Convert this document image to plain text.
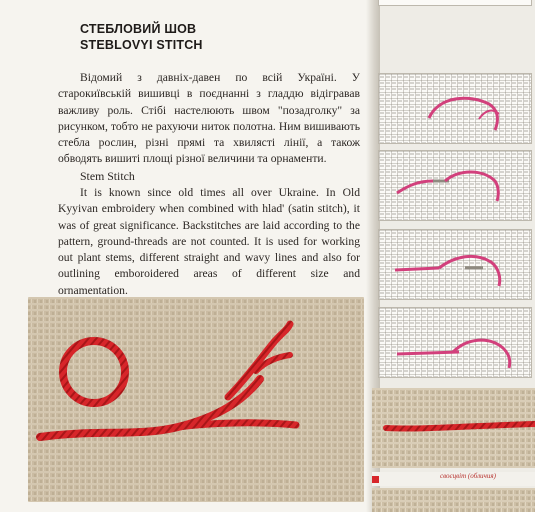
СТЕБЛОВИЙ ШОВ
STEBLOVYI STITCH

Відомий з давніх-давен по всій Україні. У старокиївській вишивці в поєднанні з гладдю відігравав важливу роль. Стібі настелюють швом "позадголку" за рисунком, тобто не рахуючи ниток полотна. Ним вишивають стебла рослин, різні прямі та хвилясті лінії, а також обводять вишиті площі різної величини та орнаменти.

Stem Stitch

It is known since old times all over Ukraine. In Old Kyyivan embroidery when combined with hlad' (satin stitch), it was of great significance. Backstitches are laid according to the pattern, ground-threads are not counted. It is used for working out plant stems, different straight and wavy lines and also for outlining emboroidered areas of different size and ornamentation.

своєцвіт (обличия)
